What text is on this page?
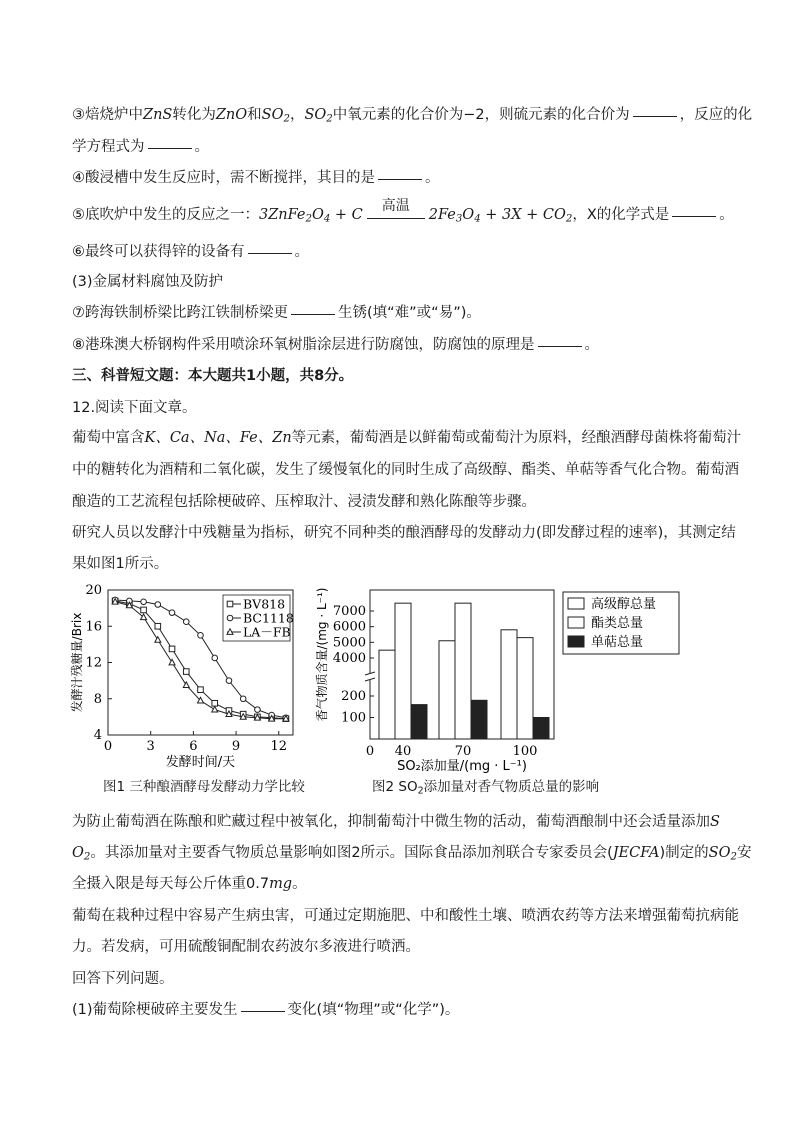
③焙烧炉中ZnS转化为ZnO和$SO_2$，$SO_2$中氧元素的化合价为−2，则硫元素的化合价为	，反应的化
学方程式为	。
④酸浸槽中发生反应时，需不断搅拌，其目的是	。
⑤底吹炉中发生的反应之一：$3ZnFe_2O_4 + C$
高温
$2Fe_3O_4 + 3X + CO_2$，X的化学式是	。
⑥最终可以获得锌的设备有	。
(3)金属材料腐蚀及防护
⑦跨海铁制桥梁比跨江铁制桥梁更	生锈(填“难”或“易”)。
⑧港珠澳大桥钢构件采用喷涂环氧树脂涂层进行防腐蚀，防腐蚀的原理是	。
三、科普短文题：本大题共1小题，共8分。
12.阅读下面文章。
葡萄中富含K、Ca、Na、Fe、Zn等元素，葡萄酒是以鲜葡萄或葡萄汁为原料，经酿酒酵母菌株将葡萄汁
中的糖转化为酒精和二氧化碳，发生了缓慢氧化的同时生成了高级醇、酯类、单萜等香气化合物。葡萄酒
酿造的工艺流程包括除梗破碎、压榨取汁、浸渍发酵和熟化陈酿等步骤。
研究人员以发酵汁中残糖量为指标，研究不同种类的酿酒酵母的发酵动力(即发酵过程的速率)，其测定结
果如图1所示。
0	3	6	9 12
4
8
12
16
20
发酵时间/天
发酵汁残糖量/Brix
BV818
BC1118
LA－FB
图1 三种酿酒酵母发酵动力学比较
100
200
4000
5000
6000
7000
0 40	70	100
SO₂添加量/(mg · L⁻¹)
香气物质含量/(mg · L⁻¹)	高级醇总量
酯类总量
单萜总量
图2 $SO_2$添加量对香气物质总量的影响
为防止葡萄酒在陈酿和贮藏过程中被氧化，抑制葡萄汁中微生物的活动，葡萄酒酿制中还会适量添加S
$O_2$。其添加量对主要香气物质总量影响如图2所示。国际食品添加剂联合专家委员会(JECFA)制定的$SO_2$安
全摄入限是每天每公斤体重0.7mg。
葡萄在栽种过程中容易产生病虫害，可通过定期施肥、中和酸性土壤、喷洒农药等方法来增强葡萄抗病能
力。若发病，可用硫酸铜配制农药波尔多液进行喷洒。
回答下列问题。
(1)葡萄除梗破碎主要发生	变化(填“物理”或“化学”)。
